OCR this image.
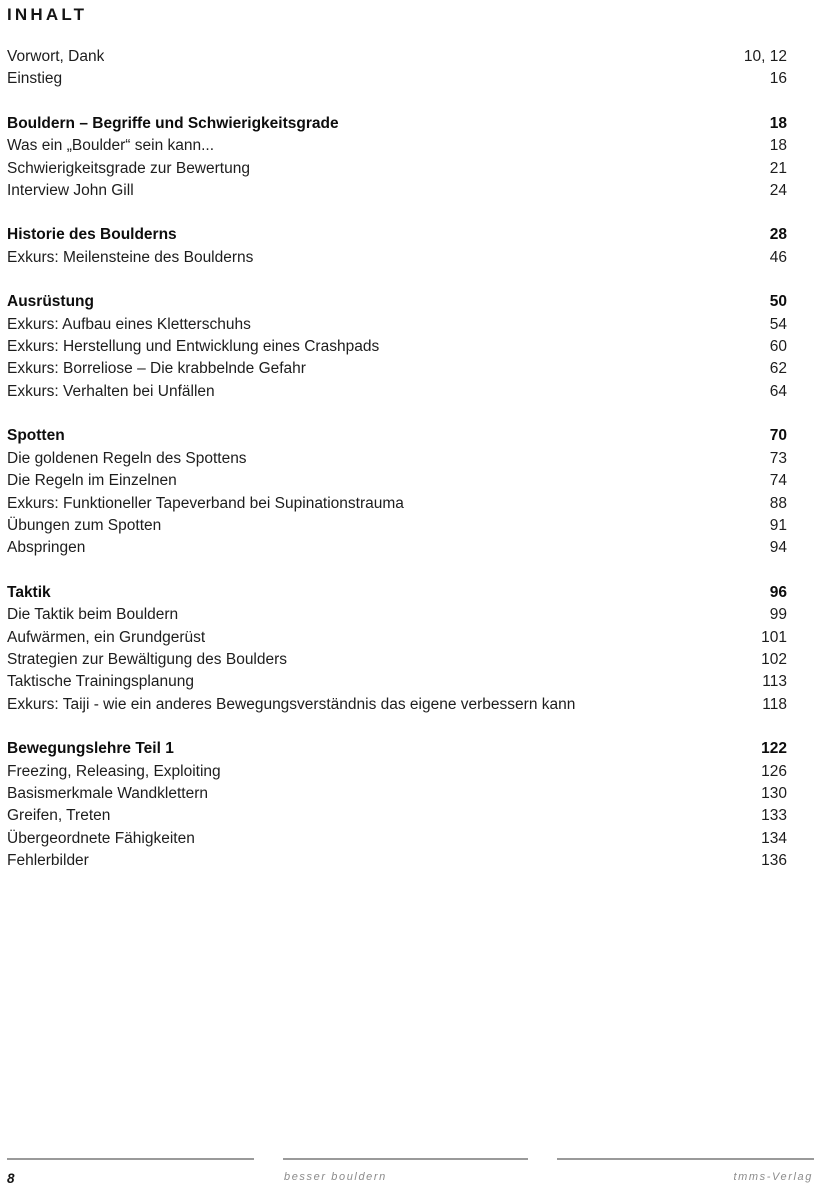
INHALT
Vorwort, Dank	10, 12
Einstieg	16
Bouldern – Begriffe und Schwierigkeitsgrade	18
Was ein „Boulder“ sein kann...	18
Schwierigkeitsgrade zur Bewertung	21
Interview John Gill	24
Historie des Boulderns	28
Exkurs: Meilensteine des Boulderns	46
Ausrüstung	50
Exkurs: Aufbau eines Kletterschuhs	54
Exkurs: Herstellung und Entwicklung eines Crashpads	60
Exkurs: Borreliose – Die krabbelnde Gefahr	62
Exkurs: Verhalten bei Unfällen	64
Spotten	70
Die goldenen Regeln des Spottens	73
Die Regeln im Einzelnen	74
Exkurs: Funktioneller Tapeverband bei Supinationstrauma	88
Übungen zum Spotten	91
Abspringen	94
Taktik	96
Die Taktik beim Bouldern	99
Aufwärmen, ein Grundgerüst	101
Strategien zur Bewältigung des Boulders	102
Taktische Trainingsplanung	113
Exkurs: Taiji - wie ein anderes Bewegungsverständnis das eigene verbessern kann	118
Bewegungslehre Teil 1	122
Freezing, Releasing, Exploiting	126
Basismerkmale Wandklettern	130
Greifen, Treten	133
Übergeordnete Fähigkeiten	134
Fehlerbilder	136
8	besser bouldern	tmms-Verlag
